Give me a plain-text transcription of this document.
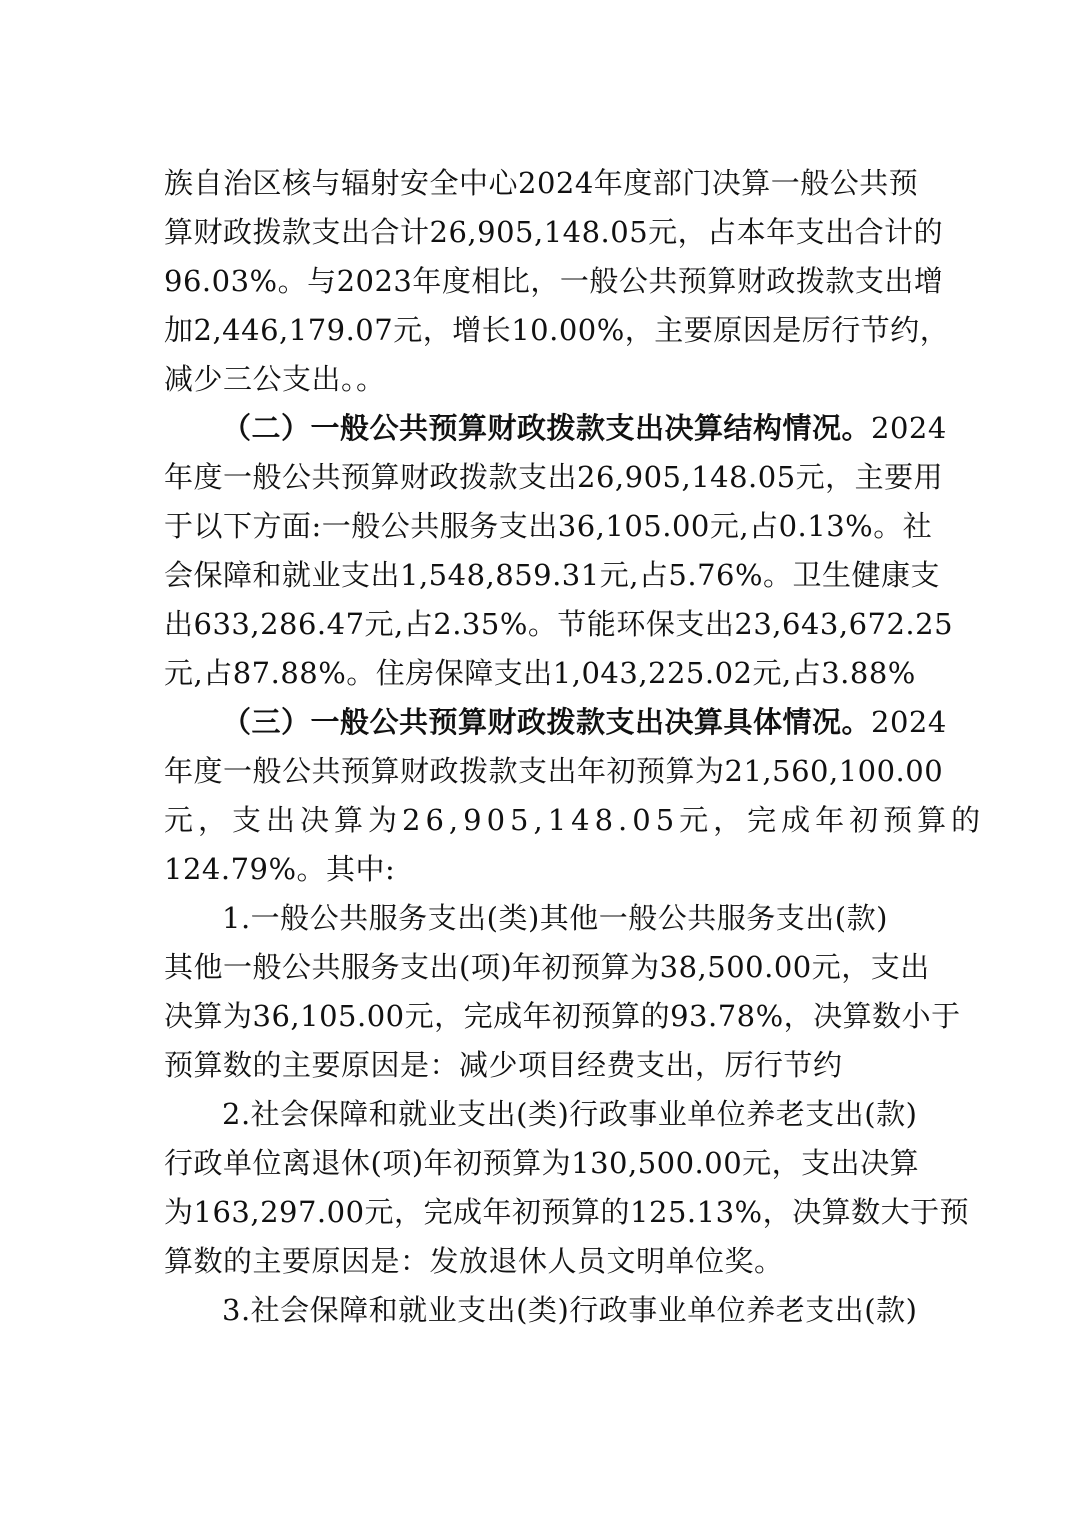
族自治区核与辐射安全中心2024年度部门决算一般公共预
算财政拨款支出合计26,905,148.05元，占本年支出合计的
96.03%。与2023年度相比，一般公共预算财政拨款支出增
加2,446,179.07元，增长10.00%，主要原因是厉行节约，
减少三公支出。。
（二）一般公共预算财政拨款支出决算结构情况。2024
年度一般公共预算财政拨款支出26,905,148.05元，主要用
于以下方面:一般公共服务支出36,105.00元,占0.13%。社
会保障和就业支出1,548,859.31元,占5.76%。卫生健康支
出633,286.47元,占2.35%。节能环保支出23,643,672.25
元,占87.88%。住房保障支出1,043,225.02元,占3.88%
（三）一般公共预算财政拨款支出决算具体情况。2024
年度一般公共预算财政拨款支出年初预算为21,560,100.00
元，支出决算为26,905,148.05元，完成年初预算的
124.79%。其中:
1.一般公共服务支出(类)其他一般公共服务支出(款)
其他一般公共服务支出(项)年初预算为38,500.00元，支出
决算为36,105.00元，完成年初预算的93.78%，决算数小于
预算数的主要原因是：减少项目经费支出，厉行节约
2.社会保障和就业支出(类)行政事业单位养老支出(款)
行政单位离退休(项)年初预算为130,500.00元，支出决算
为163,297.00元，完成年初预算的125.13%，决算数大于预
算数的主要原因是：发放退休人员文明单位奖。
3.社会保障和就业支出(类)行政事业单位养老支出(款)
